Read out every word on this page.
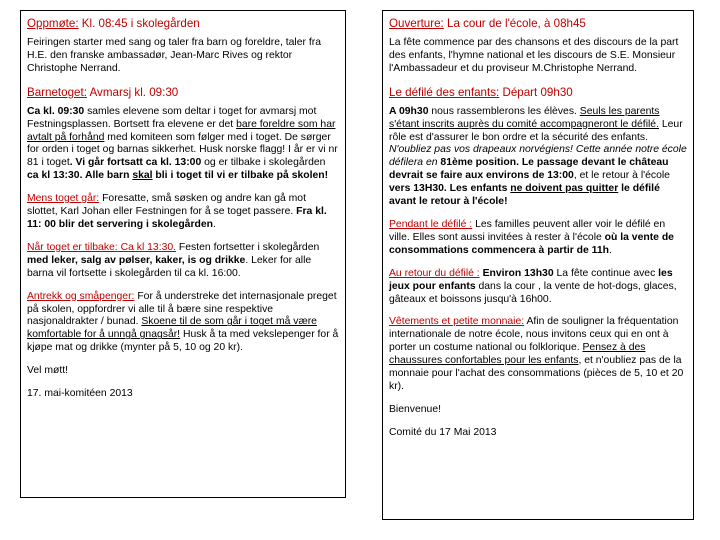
Oppmøte: Kl. 08:45 i skolegården

Feiringen starter med sang og taler fra barn og foreldre, taler fra H.E. den franske ambassadør, Jean-Marc Rives og rektor Christophe Nerrand.

Barnetoget: Avmarsj kl. 09:30

Ca kl. 09:30 samles elevene som deltar i toget for avmarsj mot Festningsplassen. Bortsett fra elevene er det bare foreldre som har avtalt på forhånd med komiteen som følger med i toget. De sørger for orden i toget og barnas sikkerhet. Husk norske flagg! I år er vi nr 81 i toget. Vi går fortsatt ca kl. 13:00 og er tilbake i skolegården ca kl 13:30. Alle barn skal bli i toget til vi er tilbake på skolen!

Mens toget går: Foresatte, små søsken og andre kan gå mot slottet, Karl Johan eller Festningen for å se toget passere. Fra kl. 11: 00 blir det servering i skolegården.

Når toget er tilbake: Ca kl 13:30. Festen fortsetter i skolegården med leker, salg av pølser, kaker, is og drikke. Leker for alle barna vil fortsette i skolegården til ca kl. 16:00.

Antrekk og småpenger: For å understreke det internasjonale preget på skolen, oppfordrer vi alle til å bære sine respektive nasjonaldrakter / bunad. Skoene til de som går i toget må være komfortable for å unngå gnagsår! Husk å ta med vekslepenger for å kjøpe mat og drikke (mynter på 5, 10 og 20 kr).

Vel møtt!

17. mai-komitéen 2013

Ouverture: La cour de l'école, à 08h45

La fête commence par des chansons et des discours de la part des enfants, l'hymne national et les discours de S.E. Monsieur l'Ambassadeur et du proviseur M.Christophe Nerrand.

Le défilé des enfants: Départ 09h30

A 09h30 nous rassemblerons les élèves. Seuls les parents s'étant inscrits auprès du comité accompagneront le défilé. Leur rôle est d'assurer le bon ordre et la sécurité des enfants. N'oubliez pas vos drapeaux norvégiens! Cette année notre école défilera en 81ème position. Le passage devant le château devrait se faire aux environs de 13:00, et le retour à l'école vers 13H30. Les enfants ne doivent pas quitter le défilé avant le retour à l'école!

Pendant le défilé : Les familles peuvent aller voir le défilé en ville. Elles sont aussi invitées à rester à l'école où la vente de consommations commencera à partir de 11h.

Au retour du défilé : Environ 13h30 La fête continue avec les jeux pour enfants dans la cour , la vente de hot-dogs, glaces, gâteaux et boissons jusqu'à 16h00.

Vêtements et petite monnaie: Afin de souligner la fréquentation internationale de notre école, nous invitons ceux qui en ont à porter un costume national ou folklorique. Pensez à des chaussures confortables pour les enfants, et n'oubliez pas de la monnaie pour l'achat des consommations (pièces de 5, 10 et 20 kr).

Bienvenue!

Comité du 17 Mai 2013
